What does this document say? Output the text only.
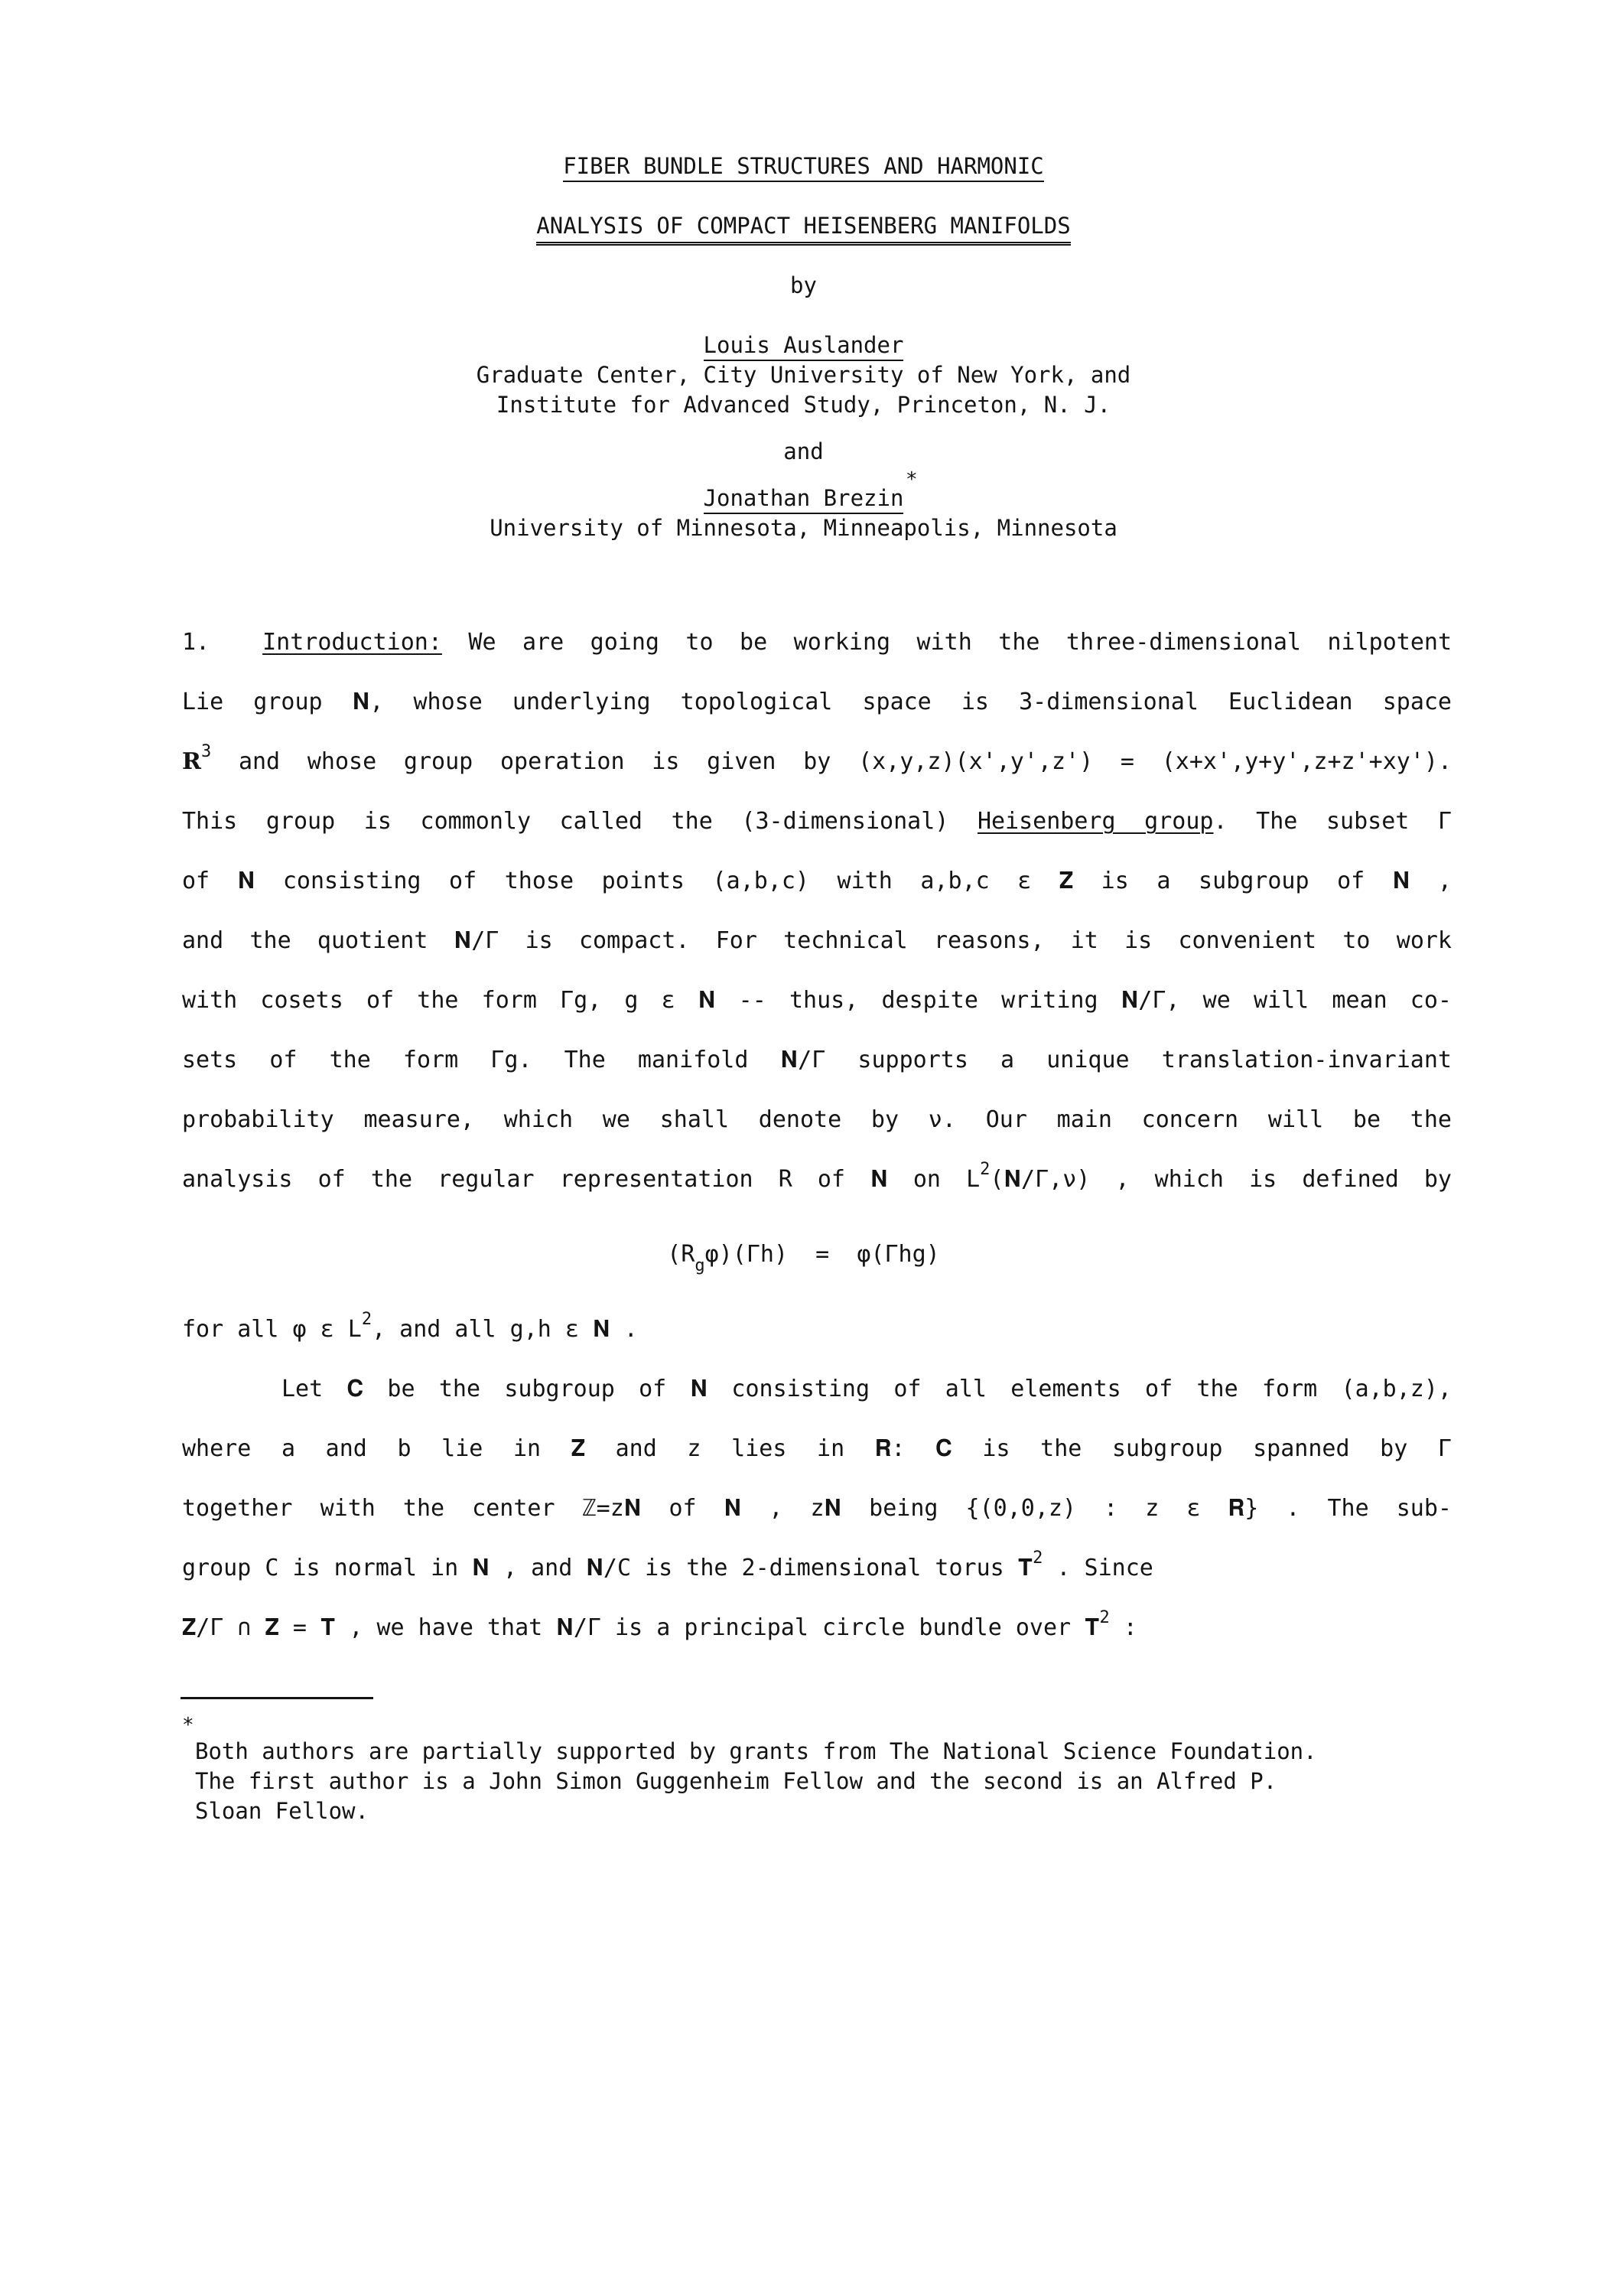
FIBER BUNDLE STRUCTURES AND HARMONIC
ANALYSIS OF COMPACT HEISENBERG MANIFOLDS
by
Louis Auslander
Graduate Center, City University of New York, and
Institute for Advanced Study, Princeton, N. J.
and
Jonathan Brezin
*
University of Minnesota, Minneapolis, Minnesota
1. Introduction: We are going to be working with the three-dimensional nilpotent
Lie group 𝐍, whose underlying topological space is 3-dimensional Euclidean space
𝐑$^3$ and whose group operation is given by (x,y,z)(x',y',z') = (x+x',y+y',z+z'+xy').
This group is commonly called the (3-dimensional) Heisenberg group. The subset Γ
of 𝐍 consisting of those points (a,b,c) with a,b,c ε 𝐙 is a subgroup of 𝐍 ,
and the quotient 𝐍/Γ is compact. For technical reasons, it is convenient to work
with cosets of the form Γg, g ε 𝐍 -- thus, despite writing 𝐍/Γ, we will mean co-
sets of the form Γg. The manifold 𝐍/Γ supports a unique translation-invariant
probability measure, which we shall denote by ν. Our main concern will be the
analysis of the regular representation R of 𝐍 on $L^2(𝐍/\Gamma,\nu)$ , which is defined by
$(R_g\varphi)(\Gamma h) = \varphi(\Gamma hg)$
for all φ ε $L^2$, and all g,h ε 𝐍 .
Let 𝐂 be the subgroup of 𝐍 consisting of all elements of the form (a,b,z),
where a and b lie in 𝐙 and z lies in 𝐑: 𝐂 is the subgroup spanned by Γ
together with the center ℤ=z𝐍 of 𝐍 , z𝐍 being {(0,0,z) : z ε 𝐑} . The sub-
group C is normal in 𝐍 , and 𝐍/C is the 2-dimensional torus 𝐓$^2$ . Since
𝐙/Γ ∩ 𝐙 = 𝐓 , we have that 𝐍/Γ is a principal circle bundle over 𝐓$^2$ :
*
Both authors are partially supported by grants from The National Science Foundation.
The first author is a John Simon Guggenheim Fellow and the second is an Alfred P.
Sloan Fellow.
